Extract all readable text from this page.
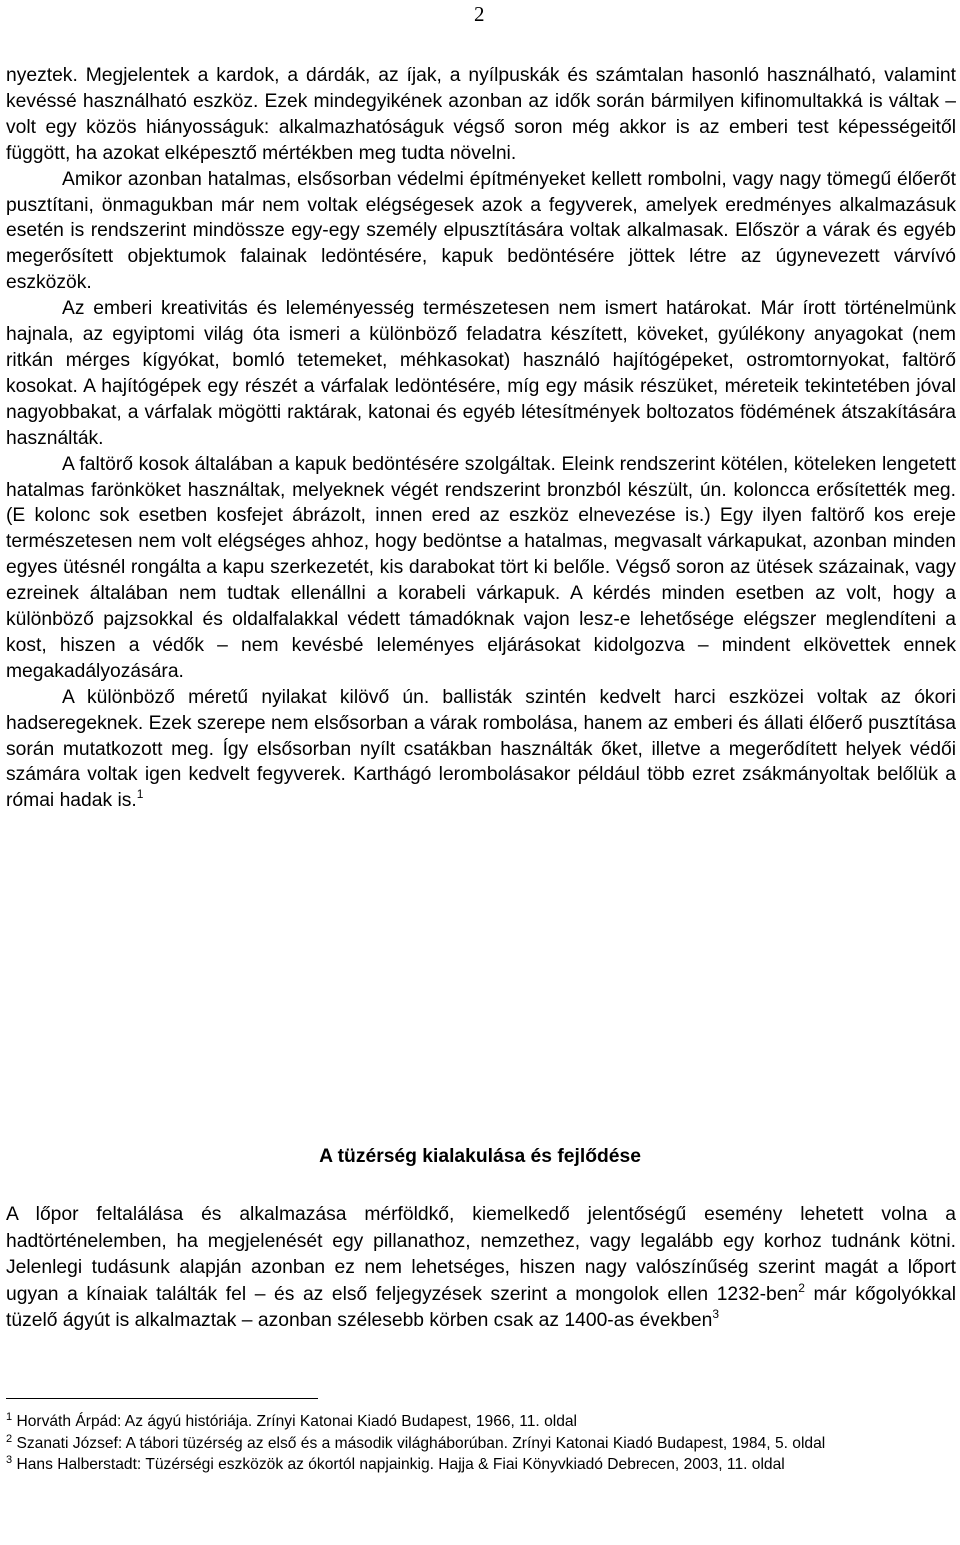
2

nyeztek. Megjelentek a kardok, a dárdák, az íjak, a nyílpuskák és számtalan hasonló használható, valamint kevéssé használható eszköz. Ezek mindegyikének azonban az idők során bármilyen kifinomultakká is váltak – volt egy közös hiányosságuk: alkalmazhatóságuk végső soron még akkor is az emberi test képességeitől függött, ha azokat elképesztő mértékben meg tudta növelni.

Amikor azonban hatalmas, elsősorban védelmi építményeket kellett rombolni, vagy nagy tömegű élőerőt pusztítani, önmagukban már nem voltak elégségesek azok a fegyverek, amelyek eredményes alkalmazásuk esetén is rendszerint mindössze egy-egy személy elpusztítására voltak alkalmasak. Először a várak és egyéb megerősített objektumok falainak ledöntésére, kapuk bedöntésére jöttek létre az úgynevezett várvívó eszközök.

Az emberi kreativitás és leleményesség természetesen nem ismert határokat. Már írott történelmünk hajnala, az egyiptomi világ óta ismeri a különböző feladatra készített, köveket, gyúlékony anyagokat (nem ritkán mérges kígyókat, bomló tetemeket, méhkasokat) használó hajítógépeket, ostromtornyokat, faltörő kosokat. A hajítógépek egy részét a várfalak ledöntésére, míg egy másik részüket, méreteik tekintetében jóval nagyobbakat, a várfalak mögötti raktárak, katonai és egyéb létesítmények boltozatos födémének átszakítására használták.

A faltörő kosok általában a kapuk bedöntésére szolgáltak. Eleink rendszerint kötélen, köteleken lengetett hatalmas farönköket használtak, melyeknek végét rendszerint bronzból készült, ún. koloncca erősítették meg. (E kolonc sok esetben kosfejet ábrázolt, innen ered az eszköz elnevezése is.) Egy ilyen faltörő kos ereje természetesen nem volt elégséges ahhoz, hogy bedöntse a hatalmas, megvasalt várkapukat, azonban minden egyes ütésnél rongálta a kapu szerkezetét, kis darabokat tört ki belőle. Végső soron az ütések százainak, vagy ezreinek általában nem tudtak ellenállni a korabeli várkapuk. A kérdés minden esetben az volt, hogy a különböző pajzsokkal és oldalfalakkal védett támadóknak vajon lesz-e lehetősége elégszer meglendíteni a kost, hiszen a védők – nem kevésbé leleményes eljárásokat kidolgozva – mindent elkövettek ennek megakadályozására.

A különböző méretű nyilakat kilövő ún. ballisták szintén kedvelt harci eszközei voltak az ókori hadseregeknek. Ezek szerepe nem elsősorban a várak rombolása, hanem az emberi és állati élőerő pusztítása során mutatkozott meg. Így elsősorban nyílt csatákban használták őket, illetve a megerődített helyek védői számára voltak igen kedvelt fegyverek. Karthágó lerombolásakor például több ezret zsákmányoltak belőlük a római hadak is.$^1$

A tüzérség kialakulása és fejlődése

A lőpor feltalálása és alkalmazása mérföldkő, kiemelkedő jelentőségű esemény lehetett volna a hadtörténelemben, ha megjelenését egy pillanathoz, nemzethez, vagy legalább egy korhoz tudnánk kötni. Jelenlegi tudásunk alapján azonban ez nem lehetséges, hiszen nagy valószínűség szerint magát a lőport ugyan a kínaiak találták fel – és az első feljegyzések szerint a mongolok ellen 1232-ben$^2$ már kőgolyókkal tüzelő ágyút is alkalmaztak – azonban szélesebb körben csak az 1400-as években$^3$

$^1$ Horváth Árpád: Az ágyú históriája. Zrínyi Katonai Kiadó Budapest, 1966, 11. oldal

$^2$ Szanati József: A tábori tüzérség az első és a második világháborúban. Zrínyi Katonai Kiadó Budapest, 1984, 5. oldal

$^3$ Hans Halberstadt: Tüzérségi eszközök az ókortól napjainkig. Hajja & Fiai Könyvkiadó Debrecen, 2003, 11. oldal
